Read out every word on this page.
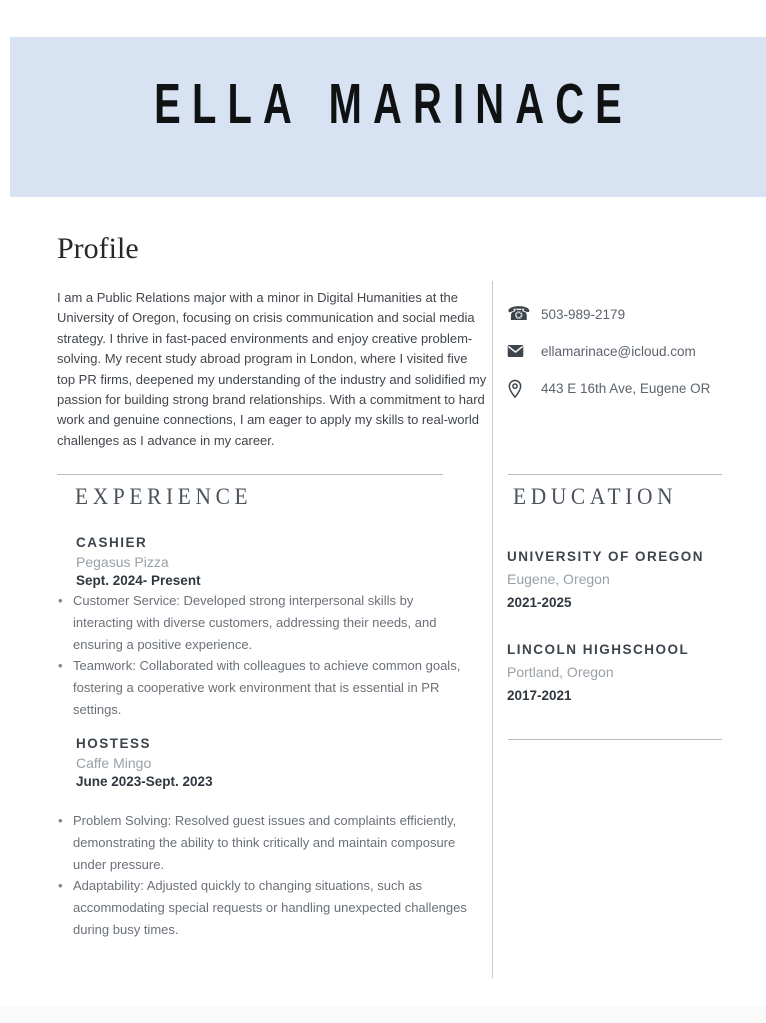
ELLA MARINACE
Profile

I am a Public Relations major with a minor in Digital Humanities at the University of Oregon, focusing on crisis communication and social media strategy. I thrive in fast-paced environments and enjoy creative problem-solving. My recent study abroad program in London, where I visited five top PR firms, deepened my understanding of the industry and solidified my passion for building strong brand relationships. With a commitment to hard work and genuine connections, I am eager to apply my skills to real-world challenges as I advance in my career.

☎ 503-989-2179
ellamarinace@icloud.com
443 E 16th Ave, Eugene OR
EXPERIENCE
CASHIER
Pegasus Pizza
Sept. 2024- Present
• Customer Service: Developed strong interpersonal skills by interacting with diverse customers, addressing their needs, and ensuring a positive experience.
• Teamwork: Collaborated with colleagues to achieve common goals, fostering a cooperative work environment that is essential in PR settings.
HOSTESS
Caffe Mingo
June 2023-Sept. 2023
• Problem Solving: Resolved guest issues and complaints efficiently, demonstrating the ability to think critically and maintain composure under pressure.
• Adaptability: Adjusted quickly to changing situations, such as accommodating special requests or handling unexpected challenges during busy times.
EDUCATION
UNIVERSITY OF OREGON
Eugene, Oregon
2021-2025
LINCOLN HIGHSCHOOL
Portland, Oregon
2017-2021
